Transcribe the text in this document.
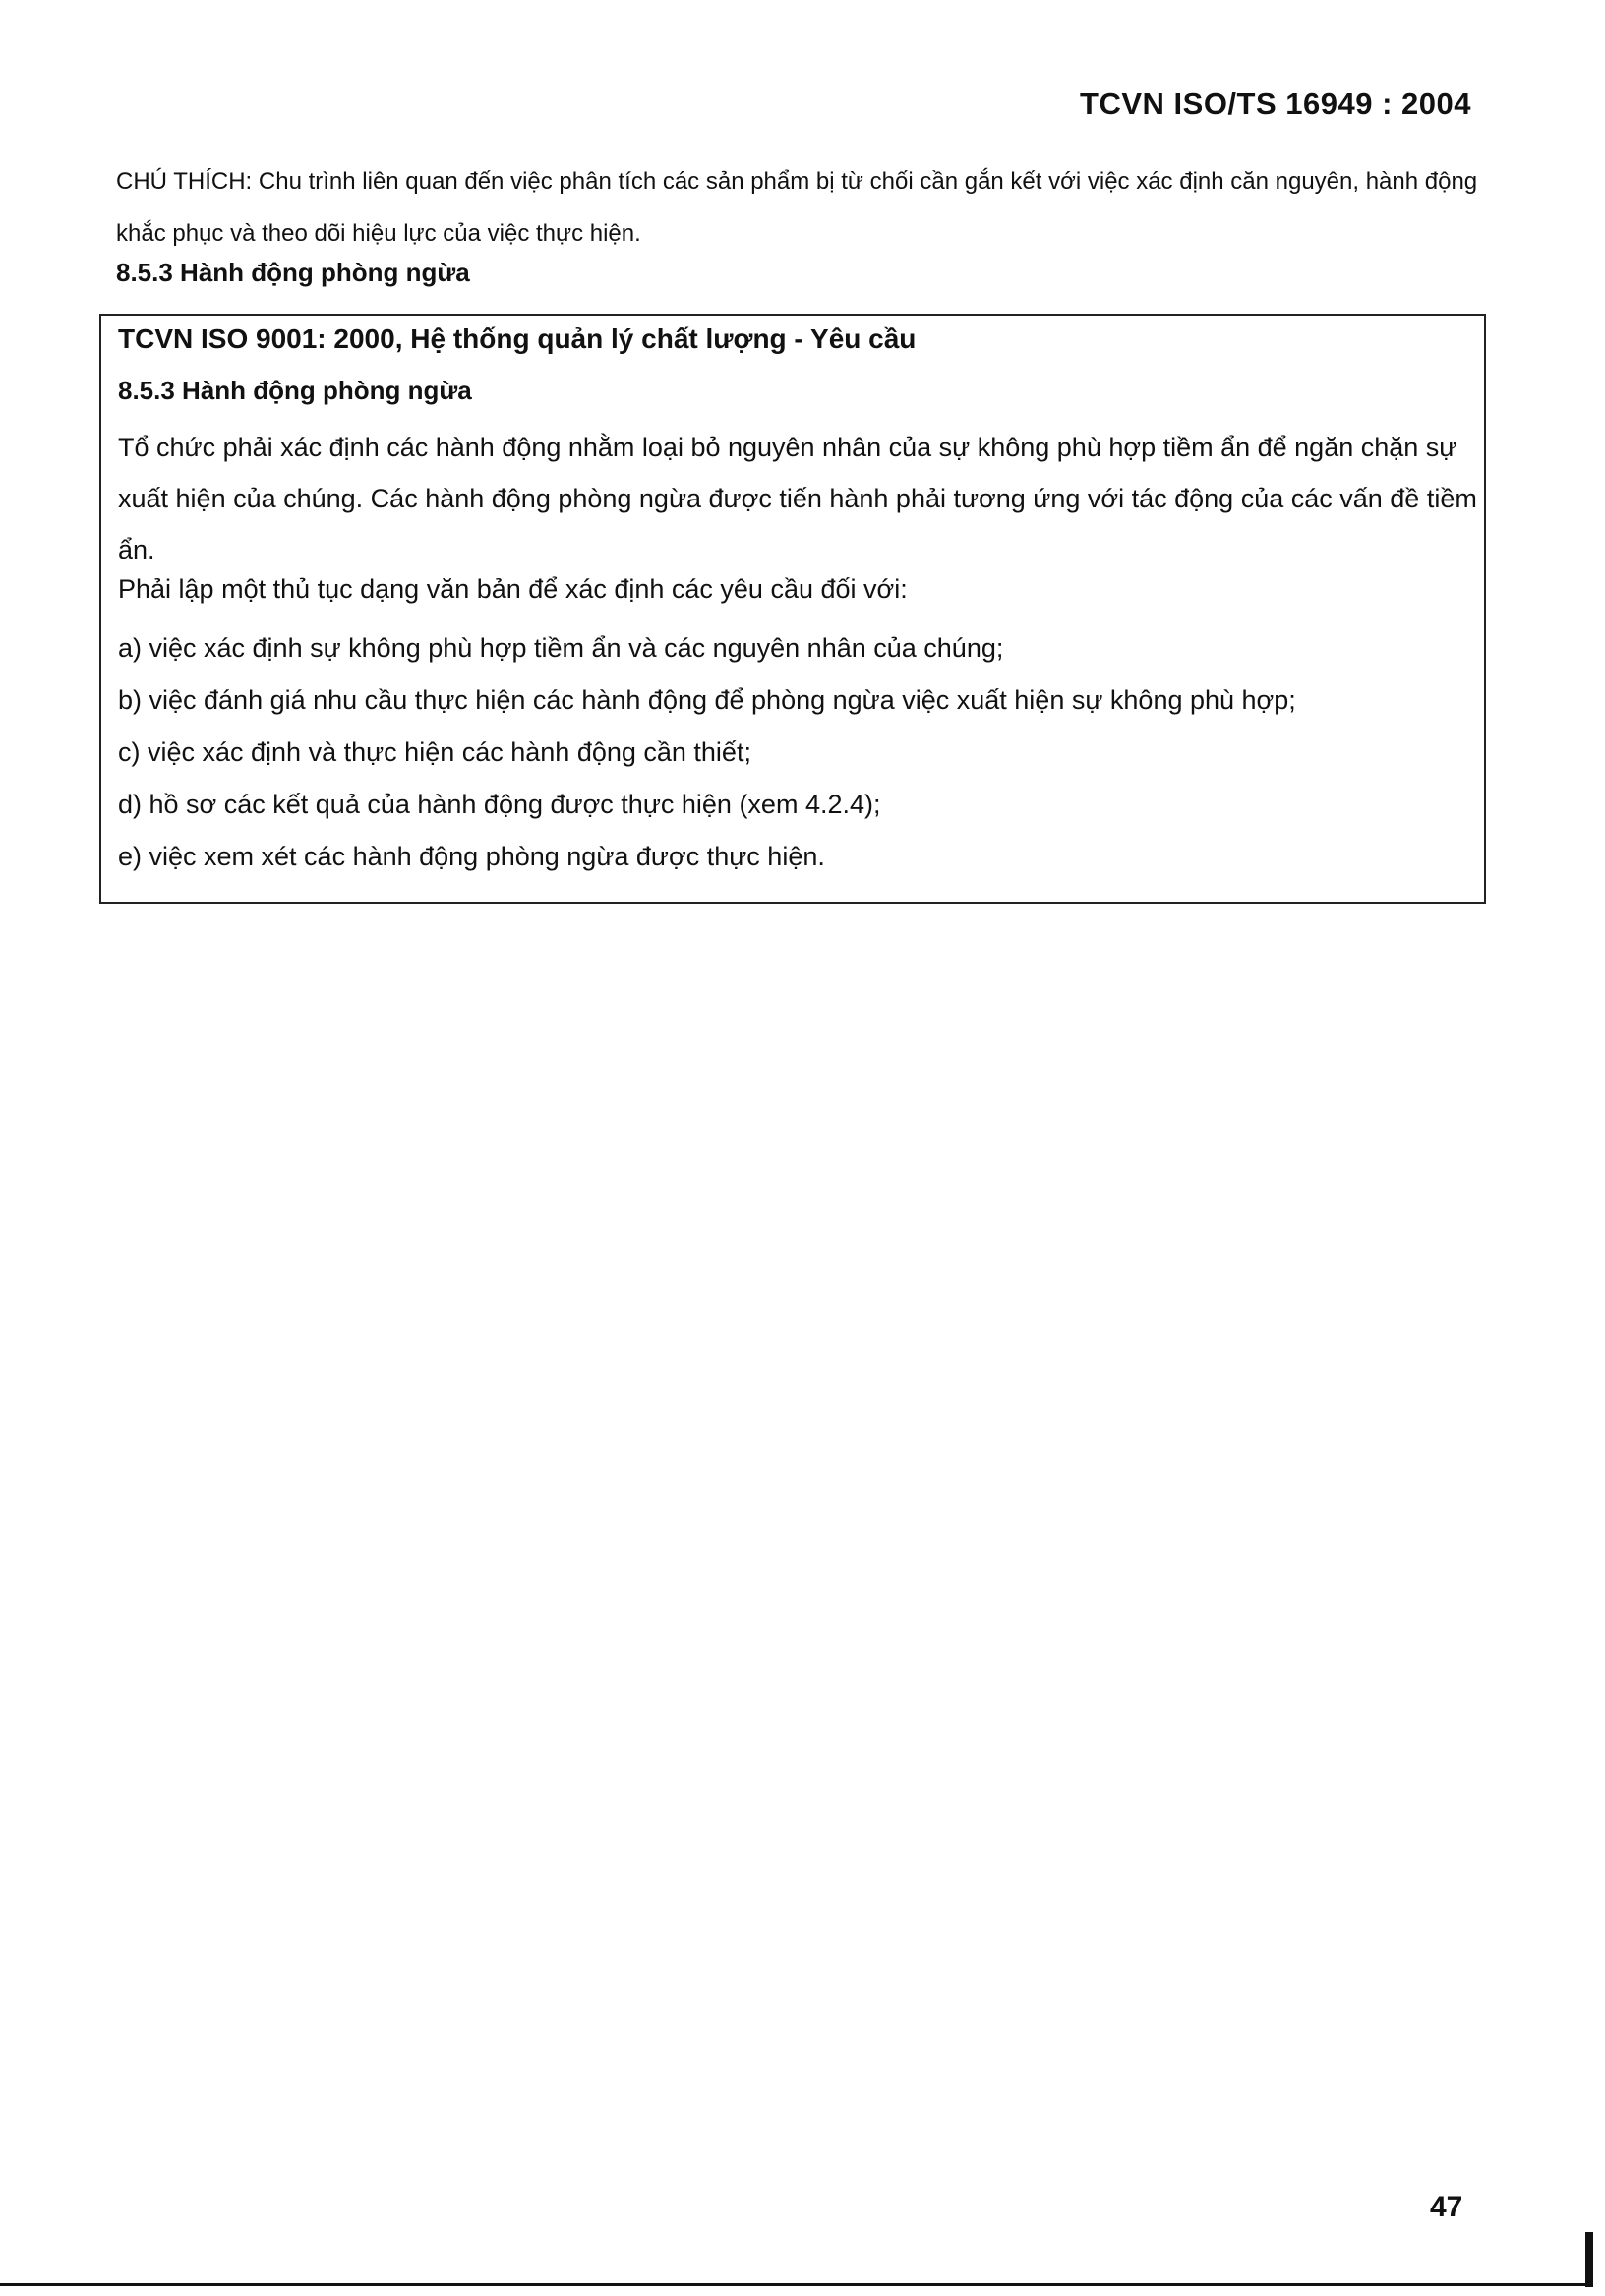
TCVN ISO/TS 16949 : 2004
CHÚ THÍCH: Chu trình liên quan đến việc phân tích các sản phẩm bị từ chối cần gắn kết với việc xác định căn nguyên, hành động khắc phục và theo dõi hiệu lực của việc thực hiện.
8.5.3 Hành động phòng ngừa
TCVN ISO 9001: 2000, Hệ thống quản lý chất lượng - Yêu cầu
8.5.3 Hành động phòng ngừa
Tổ chức phải xác định các hành động nhằm loại bỏ nguyên nhân của sự không phù hợp tiềm ẩn để ngăn chặn sự xuất hiện của chúng. Các hành động phòng ngừa được tiến hành phải tương ứng với tác động của các vấn đề tiềm ẩn.
Phải lập một thủ tục dạng văn bản để xác định các yêu cầu đối với:
a) việc xác định sự không phù hợp tiềm ẩn và các nguyên nhân của chúng;
b) việc đánh giá nhu cầu thực hiện các hành động để phòng ngừa việc xuất hiện sự không phù hợp;
c) việc xác định và thực hiện các hành động cần thiết;
d) hồ sơ các kết quả của hành động được thực hiện (xem 4.2.4);
e) việc xem xét các hành động phòng ngừa được thực hiện.
47
